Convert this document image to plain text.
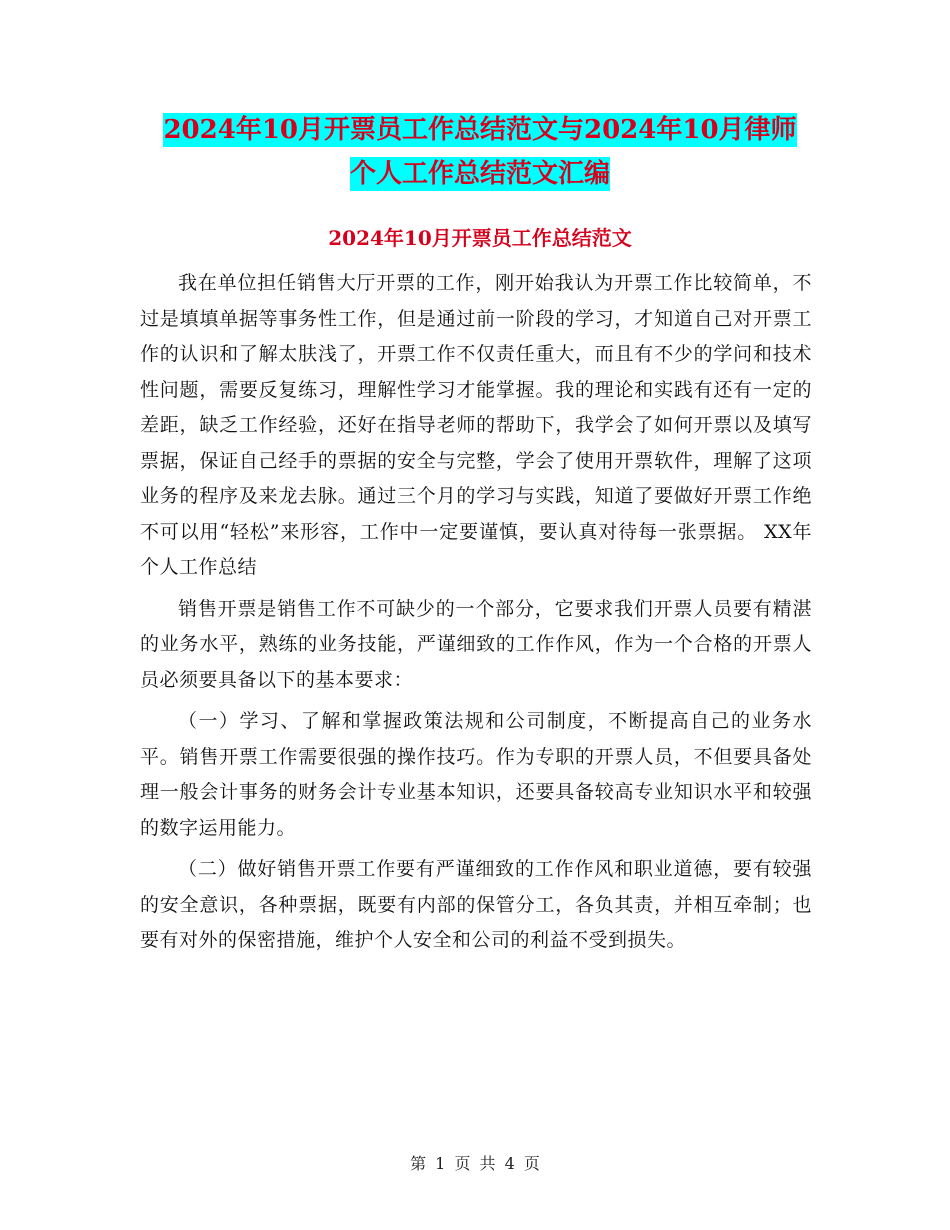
2024年10月开票员工作总结范文与2024年10月律师
个人工作总结范文汇编
2024年10月开票员工作总结范文

我在单位担任销售大厅开票的工作，刚开始我认为开票工作比较简单，不过是填填单据等事务性工作，但是通过前一阶段的学习，才知道自己对开票工作的认识和了解太肤浅了，开票工作不仅责任重大，而且有不少的学问和技术性问题，需要反复练习，理解性学习才能掌握。我的理论和实践有还有一定的差距，缺乏工作经验，还好在指导老师的帮助下，我学会了如何开票以及填写票据，保证自己经手的票据的安全与完整，学会了使用开票软件，理解了这项业务的程序及来龙去脉。通过三个月的学习与实践，知道了要做好开票工作绝不可以用“轻松”来形容，工作中一定要谨慎，要认真对待每一张票据。 XX年个人工作总结

销售开票是销售工作不可缺少的一个部分，它要求我们开票人员要有精湛的业务水平，熟练的业务技能，严谨细致的工作作风，作为一个合格的开票人员必须要具备以下的基本要求：

（一）学习、了解和掌握政策法规和公司制度，不断提高自己的业务水平。销售开票工作需要很强的操作技巧。作为专职的开票人员，不但要具备处理一般会计事务的财务会计专业基本知识，还要具备较高专业知识水平和较强的数字运用能力。

（二）做好销售开票工作要有严谨细致的工作作风和职业道德，要有较强的安全意识，各种票据，既要有内部的保管分工，各负其责，并相互牵制；也要有对外的保密措施，维护个人安全和公司的利益不受到损失。

第 1 页 共 4 页
